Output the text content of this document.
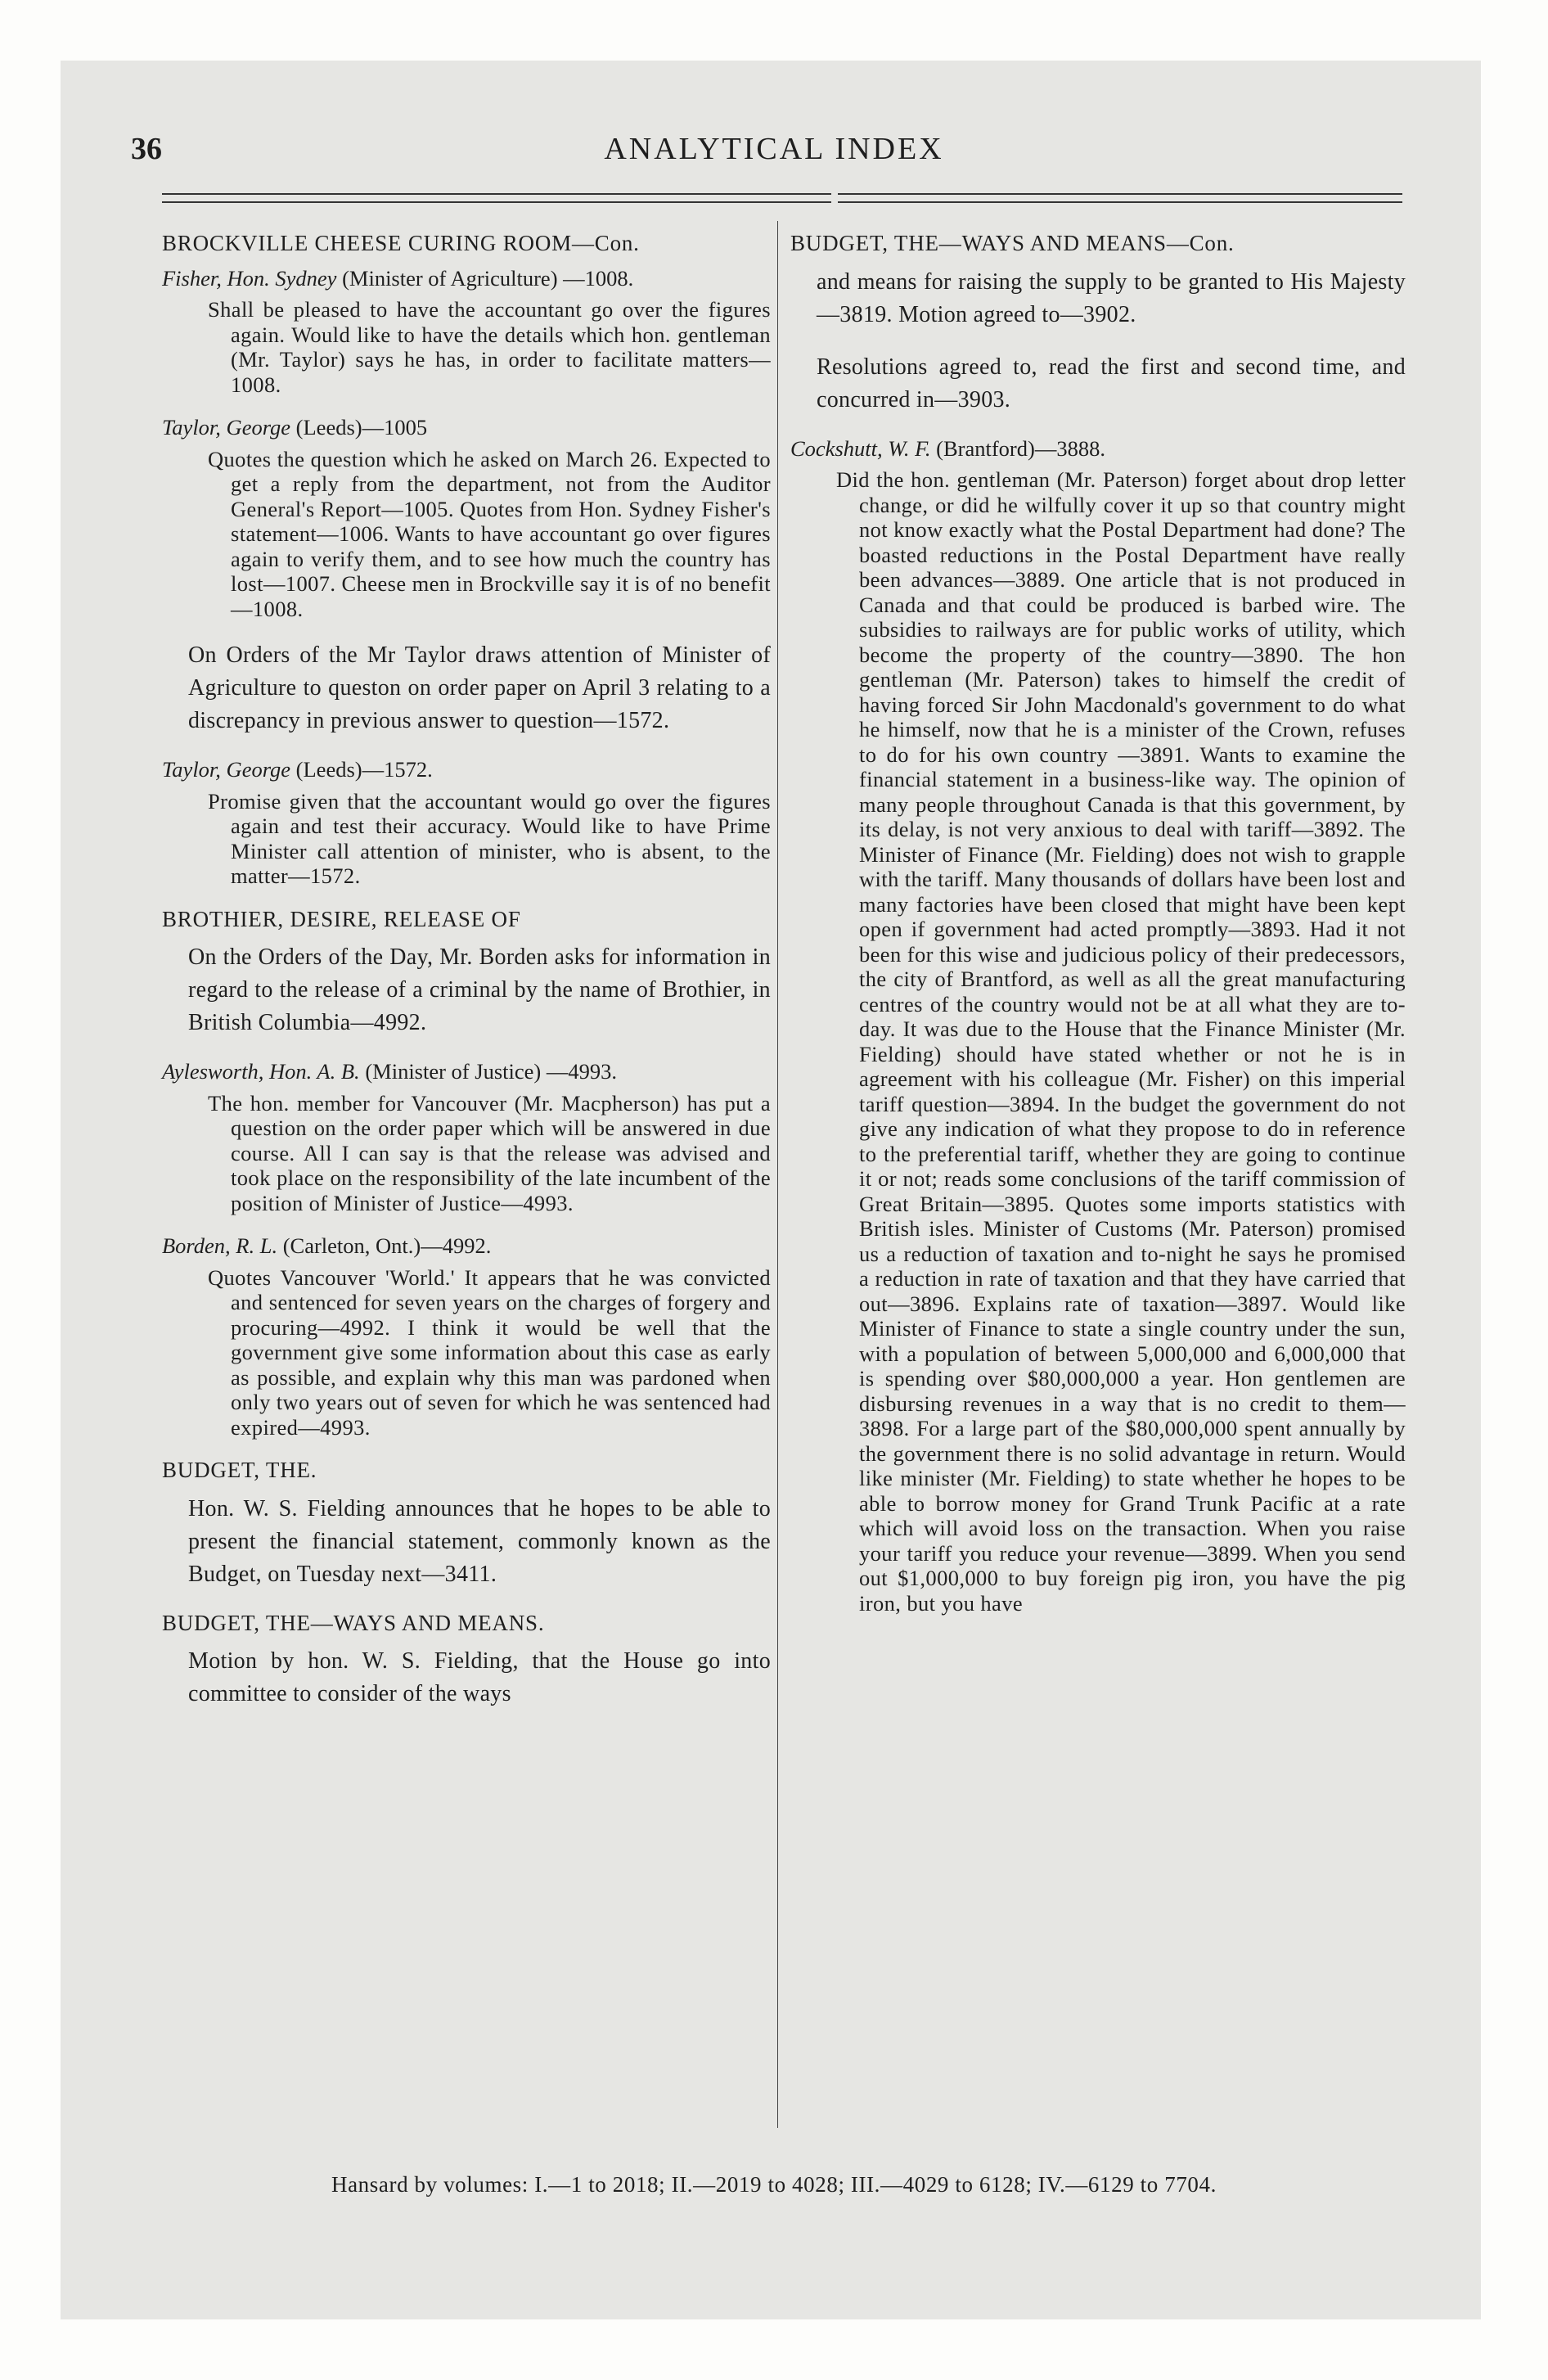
36	ANALYTICAL INDEX

BROCKVILLE CHEESE CURING ROOM—Con.

Fisher, Hon. Sydney (Minister of Agriculture) —1008.

Shall be pleased to have the accountant go over the figures again. Would like to have the details which hon. gentleman (Mr. Taylor) says he has, in order to facilitate matters—1008.

Taylor, George (Leeds)—1005

Quotes the question which he asked on March 26. Expected to get a reply from the department, not from the Auditor General's Report—1005. Quotes from Hon. Sydney Fisher's statement—1006. Wants to have accountant go over figures again to verify them, and to see how much the country has lost—1007. Cheese men in Brockville say it is of no benefit —1008.

On Orders of the Mr Taylor draws attention of Minister of Agriculture to queston on order paper on April 3 relating to a discrepancy in previous answer to question—1572.

Taylor, George (Leeds)—1572.

Promise given that the accountant would go over the figures again and test their accuracy. Would like to have Prime Minister call attention of minister, who is absent, to the matter—1572.

BROTHIER, DESIRE, RELEASE OF

On the Orders of the Day, Mr. Borden asks for information in regard to the release of a criminal by the name of Brothier, in British Columbia—4992.

Aylesworth, Hon. A. B. (Minister of Justice) —4993.

The hon. member for Vancouver (Mr. Macpherson) has put a question on the order paper which will be answered in due course. All I can say is that the release was advised and took place on the responsibility of the late incumbent of the position of Minister of Justice—4993.

Borden, R. L. (Carleton, Ont.)—4992.

Quotes Vancouver 'World.' It appears that he was convicted and sentenced for seven years on the charges of forgery and procuring—4992. I think it would be well that the government give some information about this case as early as possible, and explain why this man was pardoned when only two years out of seven for which he was sentenced had expired—4993.

BUDGET, THE.

Hon. W. S. Fielding announces that he hopes to be able to present the financial statement, commonly known as the Budget, on Tuesday next—3411.

BUDGET, THE—WAYS AND MEANS.

Motion by hon. W. S. Fielding, that the House go into committee to consider of the ways

BUDGET, THE—WAYS AND MEANS—Con.

and means for raising the supply to be granted to His Majesty—3819. Motion agreed to—3902.

Resolutions agreed to, read the first and second time, and concurred in—3903.

Cockshutt, W. F. (Brantford)—3888.

Did the hon. gentleman (Mr. Paterson) forget about drop letter change, or did he wilfully cover it up so that country might not know exactly what the Postal Department had done? The boasted reductions in the Postal Department have really been advances—3889. One article that is not produced in Canada and that could be produced is barbed wire. The subsidies to railways are for public works of utility, which become the property of the country—3890. The hon gentleman (Mr. Paterson) takes to himself the credit of having forced Sir John Macdonald's government to do what he himself, now that he is a minister of the Crown, refuses to do for his own country —3891. Wants to examine the financial statement in a business-like way. The opinion of many people throughout Canada is that this government, by its delay, is not very anxious to deal with tariff—3892. The Minister of Finance (Mr. Fielding) does not wish to grapple with the tariff. Many thousands of dollars have been lost and many factories have been closed that might have been kept open if government had acted promptly—3893. Had it not been for this wise and judicious policy of their predecessors, the city of Brantford, as well as all the great manufacturing centres of the country would not be at all what they are to-day. It was due to the House that the Finance Minister (Mr. Fielding) should have stated whether or not he is in agreement with his colleague (Mr. Fisher) on this imperial tariff question—3894. In the budget the government do not give any indication of what they propose to do in reference to the preferential tariff, whether they are going to continue it or not; reads some conclusions of the tariff commission of Great Britain—3895. Quotes some imports statistics with British isles. Minister of Customs (Mr. Paterson) promised us a reduction of taxation and to-night he says he promised a reduction in rate of taxation and that they have carried that out—3896. Explains rate of taxation—3897. Would like Minister of Finance to state a single country under the sun, with a population of between 5,000,000 and 6,000,000 that is spending over $80,000,000 a year. Hon gentlemen are disbursing revenues in a way that is no credit to them—3898. For a large part of the $80,000,000 spent annually by the government there is no solid advantage in return. Would like minister (Mr. Fielding) to state whether he hopes to be able to borrow money for Grand Trunk Pacific at a rate which will avoid loss on the transaction. When you raise your tariff you reduce your revenue—3899. When you send out $1,000,000 to buy foreign pig iron, you have the pig iron, but you have

Hansard by volumes: I.—1 to 2018; II.—2019 to 4028; III.—4029 to 6128; IV.—6129 to 7704.
